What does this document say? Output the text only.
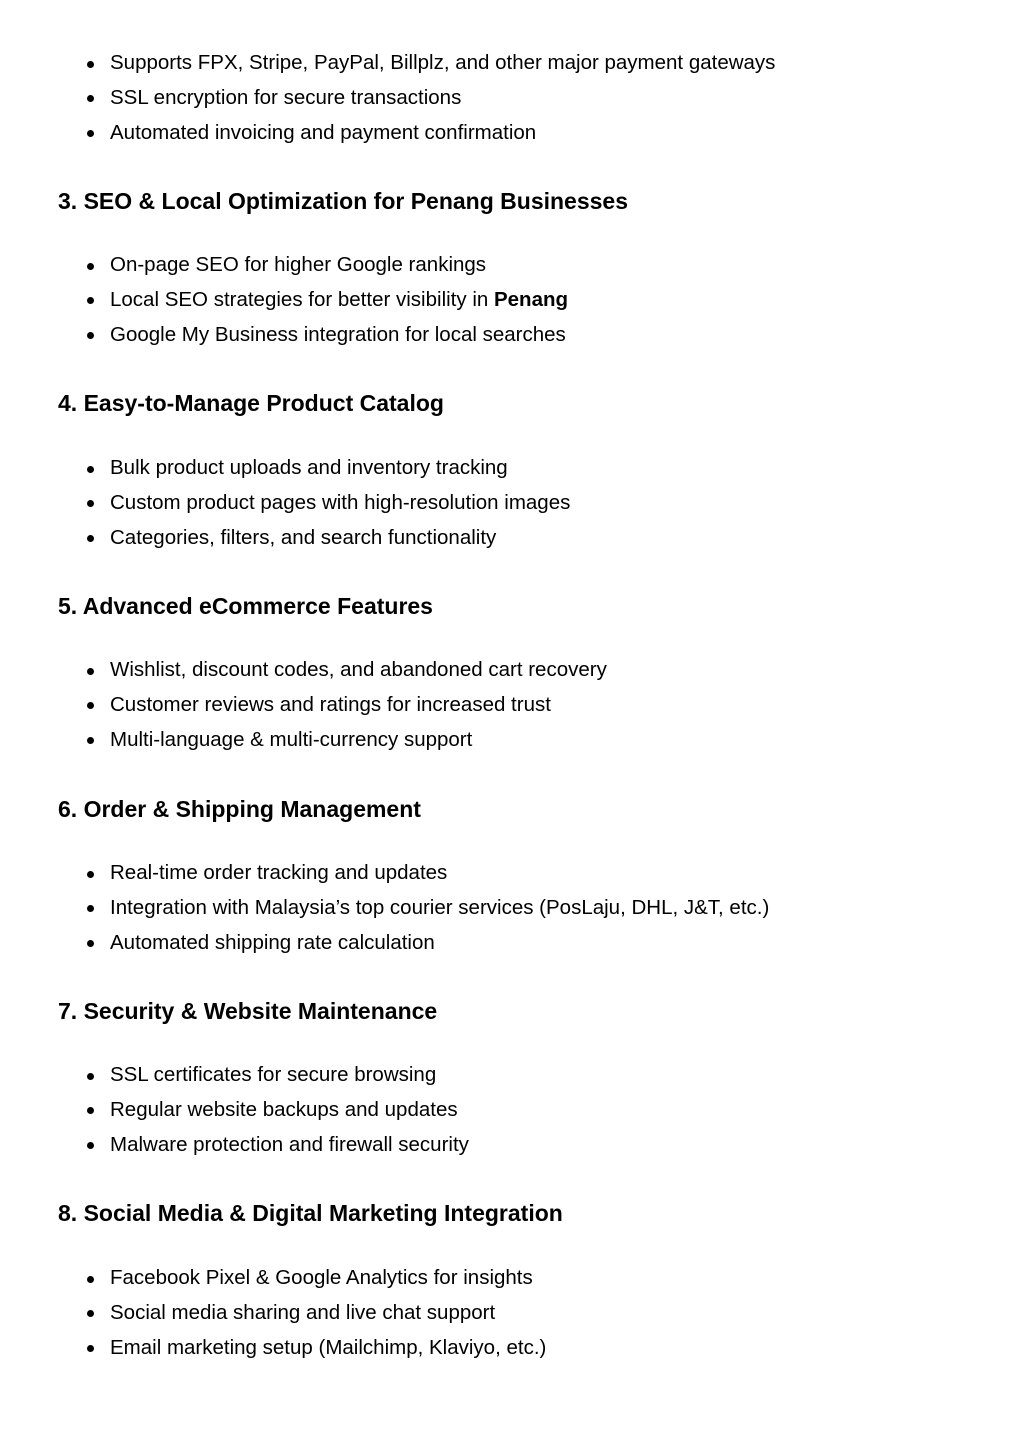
Supports FPX, Stripe, PayPal, Billplz, and other major payment gateways
SSL encryption for secure transactions
Automated invoicing and payment confirmation
3. SEO & Local Optimization for Penang Businesses
On-page SEO for higher Google rankings
Local SEO strategies for better visibility in Penang
Google My Business integration for local searches
4. Easy-to-Manage Product Catalog
Bulk product uploads and inventory tracking
Custom product pages with high-resolution images
Categories, filters, and search functionality
5. Advanced eCommerce Features
Wishlist, discount codes, and abandoned cart recovery
Customer reviews and ratings for increased trust
Multi-language & multi-currency support
6. Order & Shipping Management
Real-time order tracking and updates
Integration with Malaysia’s top courier services (PosLaju, DHL, J&T, etc.)
Automated shipping rate calculation
7. Security & Website Maintenance
SSL certificates for secure browsing
Regular website backups and updates
Malware protection and firewall security
8. Social Media & Digital Marketing Integration
Facebook Pixel & Google Analytics for insights
Social media sharing and live chat support
Email marketing setup (Mailchimp, Klaviyo, etc.)
